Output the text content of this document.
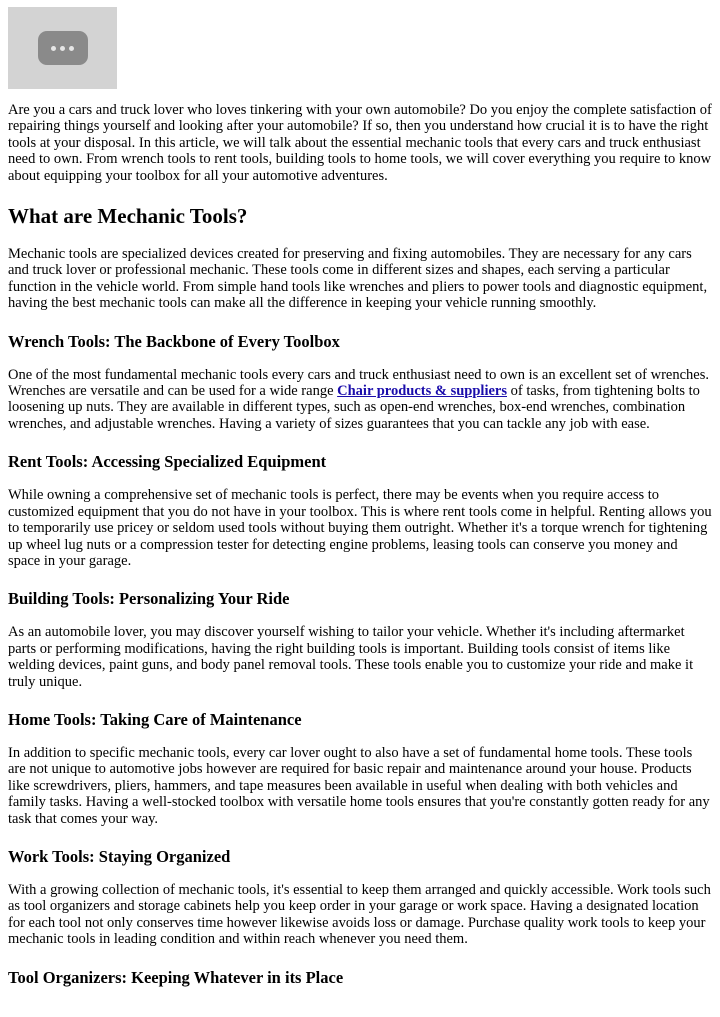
Are you a cars and truck lover who loves tinkering with your own automobile? Do you enjoy the complete satisfaction of repairing things yourself and looking after your automobile? If so, then you understand how crucial it is to have the right tools at your disposal. In this article, we will talk about the essential mechanic tools that every cars and truck enthusiast need to own. From wrench tools to rent tools, building tools to home tools, we will cover everything you require to know about equipping your toolbox for all your automotive adventures.

What are Mechanic Tools?

Mechanic tools are specialized devices created for preserving and fixing automobiles. They are necessary for any cars and truck lover or professional mechanic. These tools come in different sizes and shapes, each serving a particular function in the vehicle world. From simple hand tools like wrenches and pliers to power tools and diagnostic equipment, having the best mechanic tools can make all the difference in keeping your vehicle running smoothly.

Wrench Tools: The Backbone of Every Toolbox

One of the most fundamental mechanic tools every cars and truck enthusiast need to own is an excellent set of wrenches. Wrenches are versatile and can be used for a wide range Chair products & suppliers of tasks, from tightening bolts to loosening up nuts. They are available in different types, such as open-end wrenches, box-end wrenches, combination wrenches, and adjustable wrenches. Having a variety of sizes guarantees that you can tackle any job with ease.

Rent Tools: Accessing Specialized Equipment

While owning a comprehensive set of mechanic tools is perfect, there may be events when you require access to customized equipment that you do not have in your toolbox. This is where rent tools come in helpful. Renting allows you to temporarily use pricey or seldom used tools without buying them outright. Whether it's a torque wrench for tightening up wheel lug nuts or a compression tester for detecting engine problems, leasing tools can conserve you money and space in your garage.

Building Tools: Personalizing Your Ride

As an automobile lover, you may discover yourself wishing to tailor your vehicle. Whether it's including aftermarket parts or performing modifications, having the right building tools is important. Building tools consist of items like welding devices, paint guns, and body panel removal tools. These tools enable you to customize your ride and make it truly unique.

Home Tools: Taking Care of Maintenance

In addition to specific mechanic tools, every car lover ought to also have a set of fundamental home tools. These tools are not unique to automotive jobs however are required for basic repair and maintenance around your house. Products like screwdrivers, pliers, hammers, and tape measures been available in useful when dealing with both vehicles and family tasks. Having a well-stocked toolbox with versatile home tools ensures that you're constantly gotten ready for any task that comes your way.

Work Tools: Staying Organized

With a growing collection of mechanic tools, it's essential to keep them arranged and quickly accessible. Work tools such as tool organizers and storage cabinets help you keep order in your garage or work space. Having a designated location for each tool not only conserves time however likewise avoids loss or damage. Purchase quality work tools to keep your mechanic tools in leading condition and within reach whenever you need them.

Tool Organizers: Keeping Whatever in its Place
